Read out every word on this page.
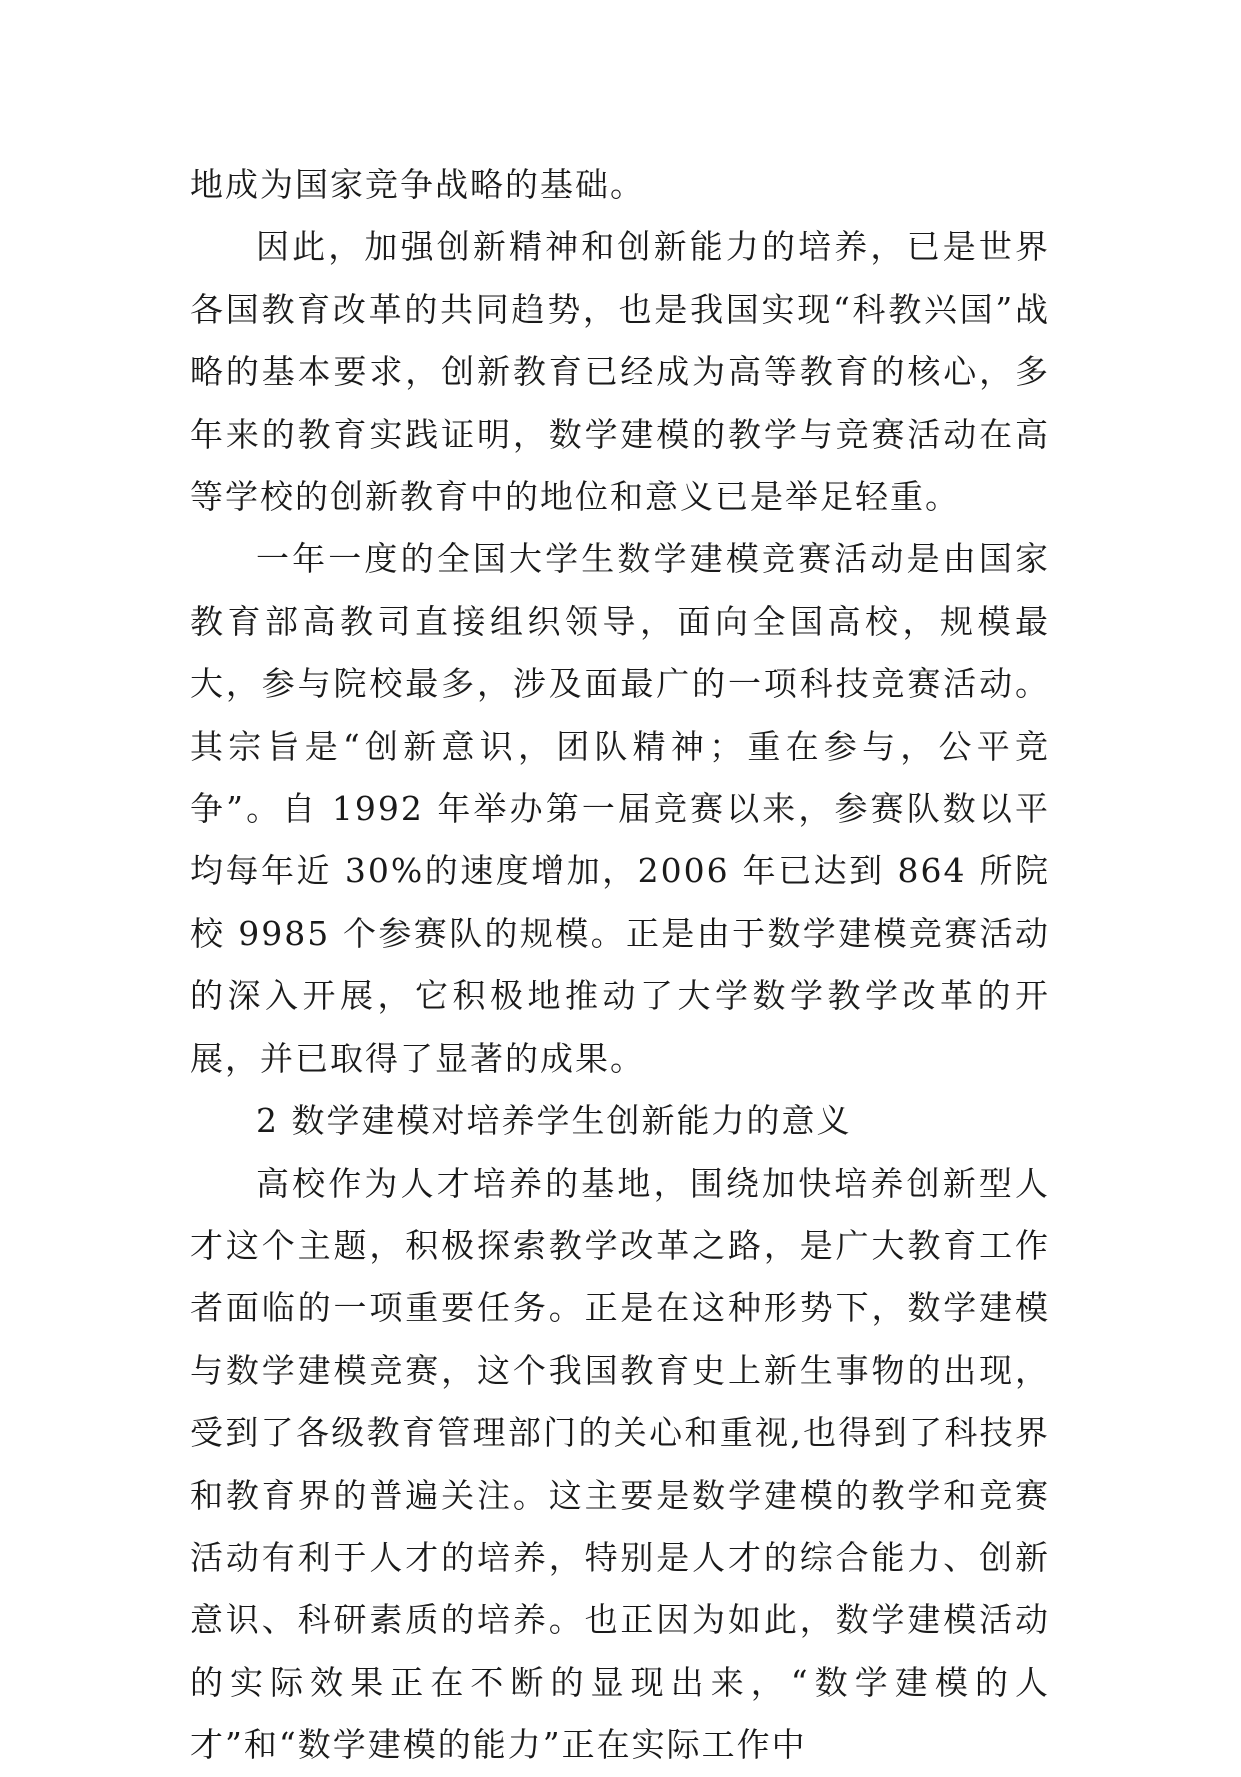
地成为国家竞争战略的基础。

因此，加强创新精神和创新能力的培养，已是世界各国教育改革的共同趋势，也是我国实现“科教兴国”战略的基本要求，创新教育已经成为高等教育的核心，多年来的教育实践证明，数学建模的教学与竞赛活动在高等学校的创新教育中的地位和意义已是举足轻重。

一年一度的全国大学生数学建模竞赛活动是由国家教育部高教司直接组织领导，面向全国高校，规模最大，参与院校最多，涉及面最广的一项科技竞赛活动。其宗旨是“创新意识，团队精神；重在参与，公平竞争”。自 1992 年举办第一届竞赛以来，参赛队数以平均每年近 30%的速度增加，2006 年已达到 864 所院校 9985 个参赛队的规模。正是由于数学建模竞赛活动的深入开展，它积极地推动了大学数学教学改革的开展，并已取得了显著的成果。

2 数学建模对培养学生创新能力的意义

高校作为人才培养的基地，围绕加快培养创新型人才这个主题，积极探索教学改革之路，是广大教育工作者面临的一项重要任务。正是在这种形势下，数学建模与数学建模竞赛，这个我国教育史上新生事物的出现，受到了各级教育管理部门的关心和重视,也得到了科技界和教育界的普遍关注。这主要是数学建模的教学和竞赛活动有利于人才的培养，特别是人才的综合能力、创新意识、科研素质的培养。也正因为如此，数学建模活动的实际效果正在不断的显现出来，“数学建模的人才”和“数学建模的能力”正在实际工作中
